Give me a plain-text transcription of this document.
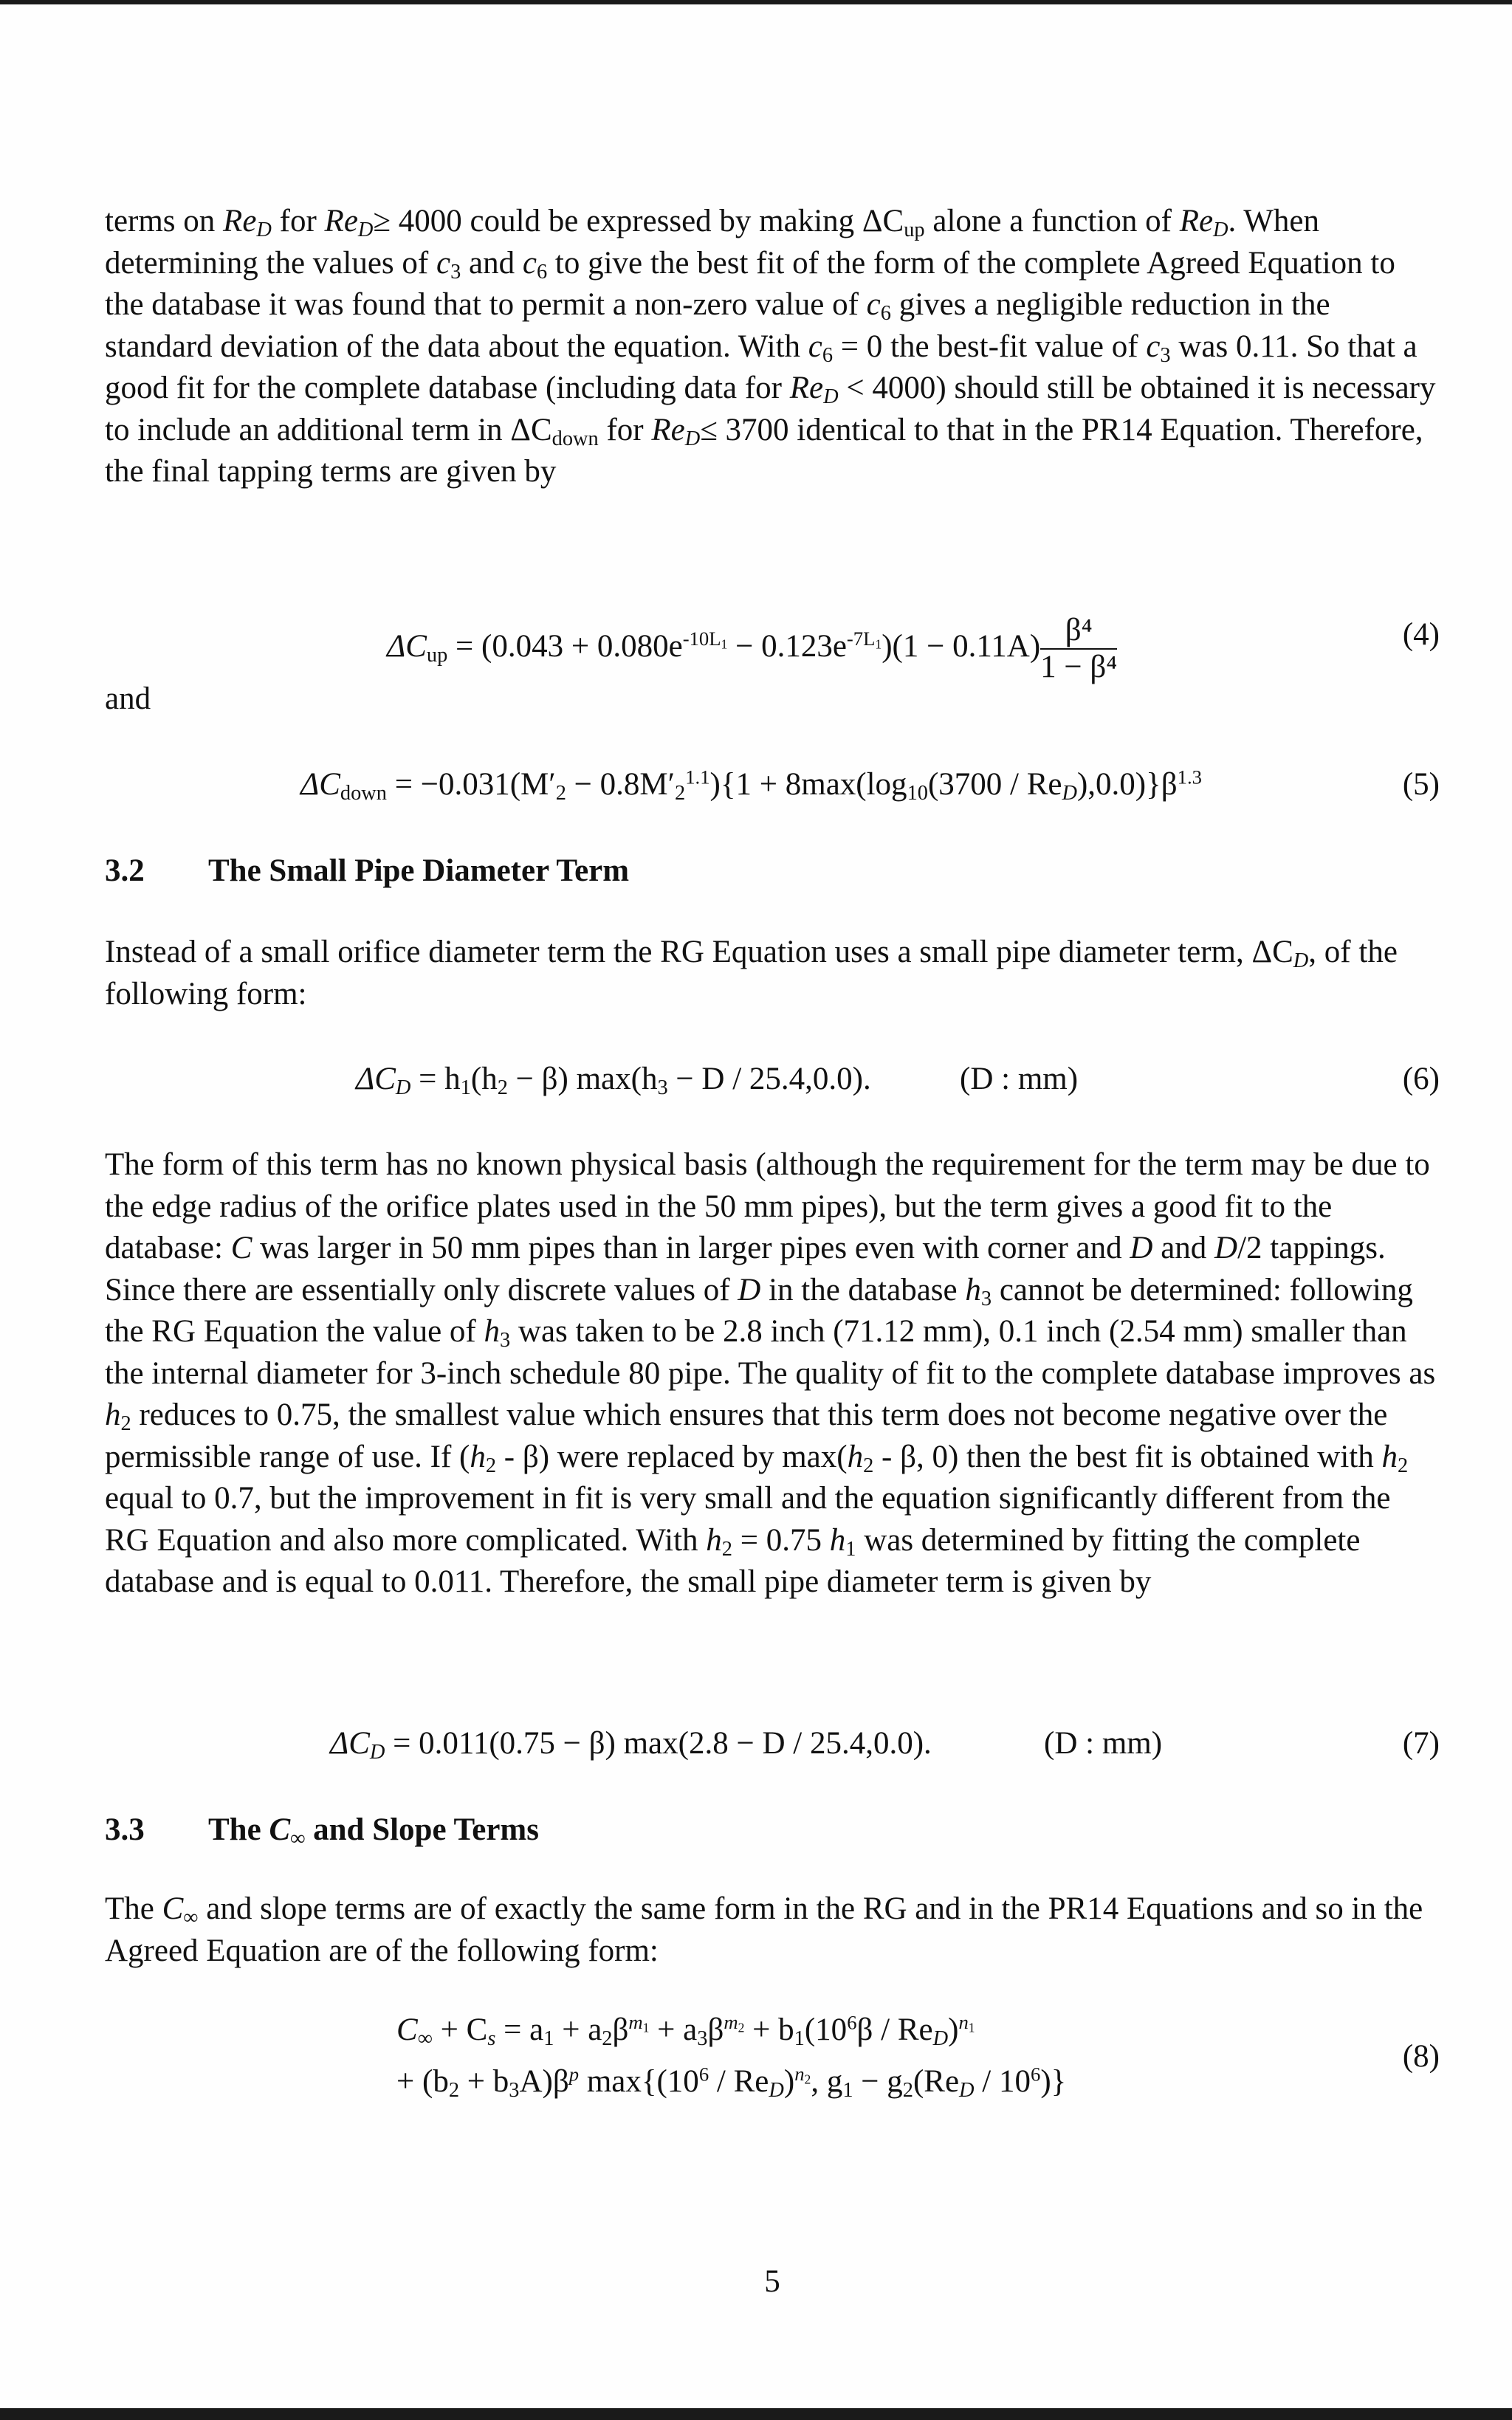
terms on $Re_D$ for $Re_D\ge 4000$ could be expressed by making $\Delta C_{up}$ alone a function of $Re_D$. When determining the values of $c_3$ and $c_6$ to give the best fit of the form of the complete Agreed Equation to the database it was found that to permit a non-zero value of $c_6$ gives a negligible reduction in the standard deviation of the data about the equation. With $c_6 = 0$ the best-fit value of $c_3$ was 0.11. So that a good fit for the complete database (including data for $Re_D < 4000$) should still be obtained it is necessary to include an additional term in $\Delta C_{down}$ for $Re_D\le 3700$ identical to that in the PR14 Equation. Therefore, the final tapping terms are given by

$\Delta C_{up} = (0.043 + 0.080e^{-10L_1} - 0.123e^{-7L_1})(1 - 0.11A) \frac{\text{β⁴}}{\text{1 − β⁴}}$	(4)
and
$\Delta C_{down} = -0.031(M'_2 - 0.8M'_2^{1.1})\{1 + 8\max(\log_{10}(3700 / Re_D),0.0)\}\beta^{1.3}$	(5)
3.2 The Small Pipe Diameter Term

Instead of a small orifice diameter term the RG Equation uses a small pipe diameter term, $\Delta C_D$, of the following form:

$\Delta C_D = h_1(h_2 - \beta) \max(h_3 - D / 25.4,0.0)$.	(D : mm)	(6)

The form of this term has no known physical basis (although the requirement for the term may be due to the edge radius of the orifice plates used in the 50 mm pipes), but the term gives a good fit to the database: C was larger in 50 mm pipes than in larger pipes even with corner and D and D/2 tappings. Since there are essentially only discrete values of D in the database $h_3$ cannot be determined: following the RG Equation the value of $h_3$ was taken to be 2.8 inch (71.12 mm), 0.1 inch (2.54 mm) smaller than the internal diameter for 3-inch schedule 80 pipe. The quality of fit to the complete database improves as $h_2$ reduces to 0.75, the smallest value which ensures that this term does not become negative over the permissible range of use. If $(h_2 - \beta)$ were replaced by $\max(h_2$ - β, 0) then the best fit is obtained with $h_2$ equal to 0.7, but the improvement in fit is very small and the equation significantly different from the RG Equation and also more complicated. With $h_2 = 0.75$ $h_1$ was determined by fitting the complete database and is equal to 0.011. Therefore, the small pipe diameter term is given by

$\Delta C_D = 0.011(0.75 - \beta) \max(2.8 - D / 25.4,0.0)$.	(D : mm)	(7)
3.3 The $C_\infty$ and Slope Terms

The $C_\infty$ and slope terms are of exactly the same form in the RG and in the PR14 Equations and so in the Agreed Equation are of the following form:

$C_\infty + C_s = a_1 + a_2\beta^{m_1} + a_3\beta^{m_2} + b_1(10^6\beta / Re_D)^{n_1}$
+ $(b_2 + b_3A)\beta^p$ $\max\{(10^6 / Re_D)^{n_2}$, $g_1 - g_2(Re_D / 10^6)$}
(8)
5
